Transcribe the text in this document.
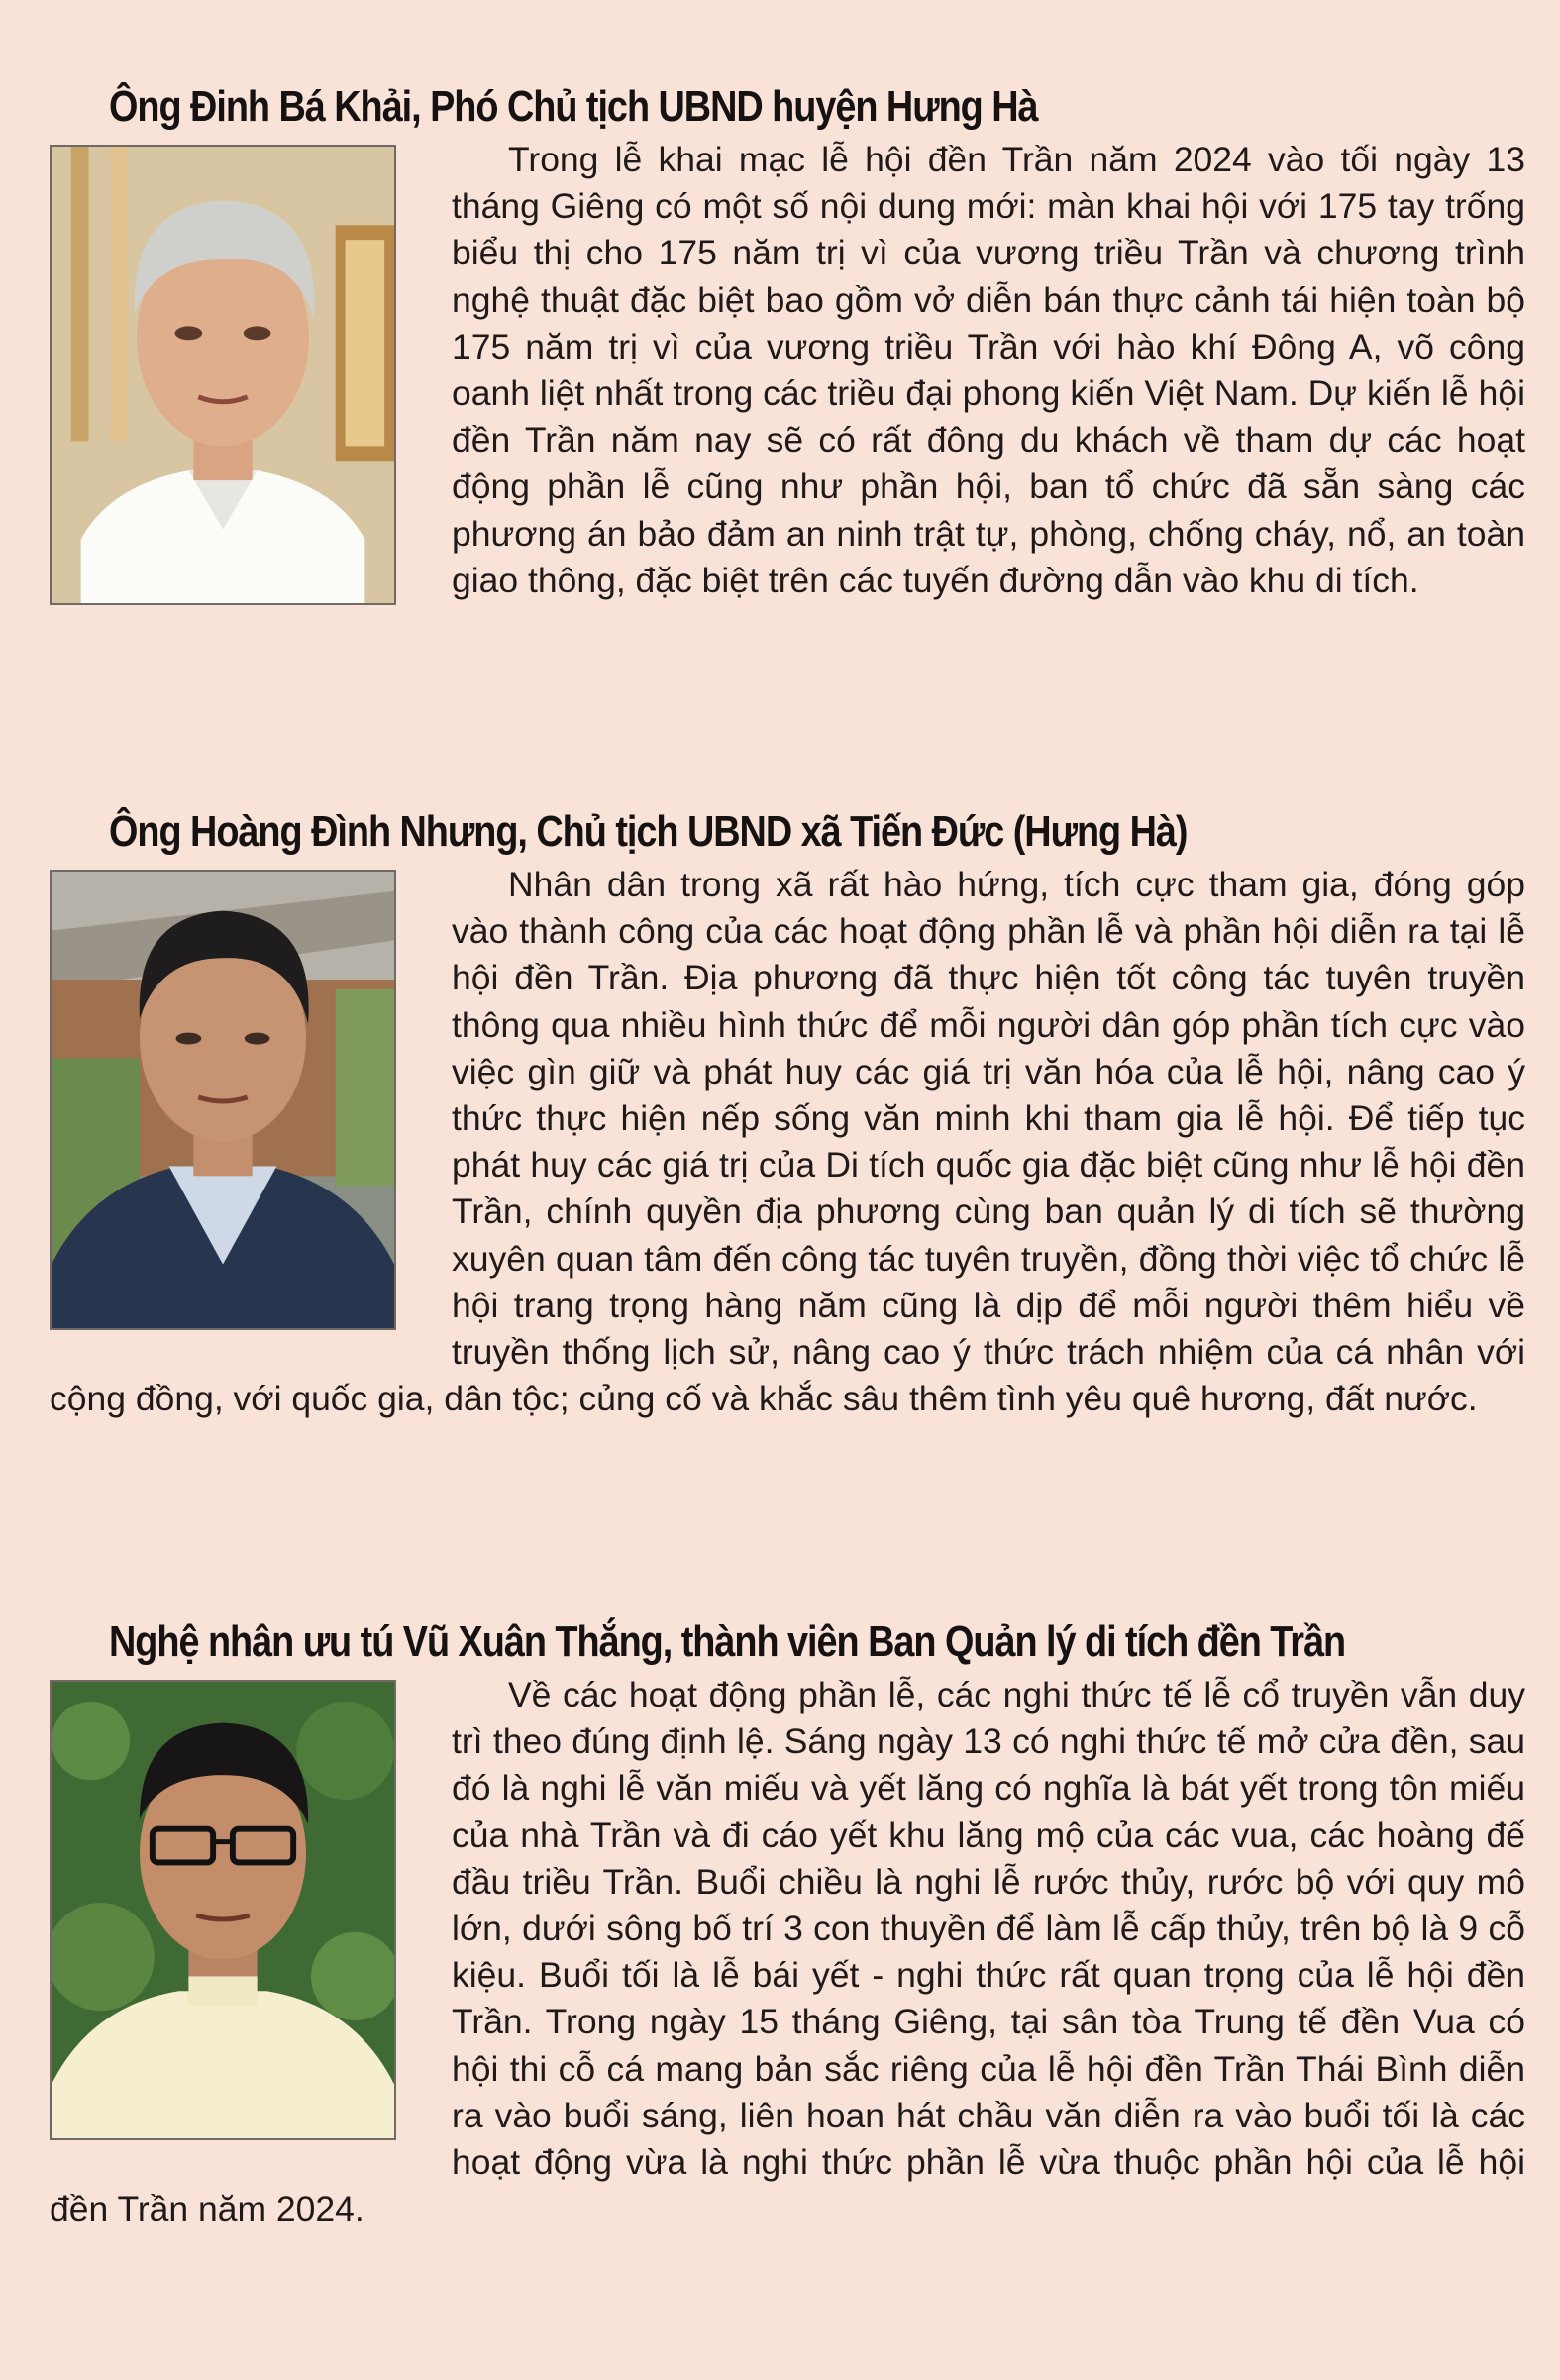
Ông Đinh Bá Khải, Phó Chủ tịch UBND huyện Hưng Hà

Trong lễ khai mạc lễ hội đền Trần năm 2024 vào tối ngày 13 tháng Giêng có một số nội dung mới: màn khai hội với 175 tay trống biểu thị cho 175 năm trị vì của vương triều Trần và chương trình nghệ thuật đặc biệt bao gồm vở diễn bán thực cảnh tái hiện toàn bộ 175 năm trị vì của vương triều Trần với hào khí Đông A, võ công oanh liệt nhất trong các triều đại phong kiến Việt Nam. Dự kiến lễ hội đền Trần năm nay sẽ có rất đông du khách về tham dự các hoạt động phần lễ cũng như phần hội, ban tổ chức đã sẵn sàng các phương án bảo đảm an ninh trật tự, phòng, chống cháy, nổ, an toàn giao thông, đặc biệt trên các tuyến đường dẫn vào khu di tích.

Ông Hoàng Đình Nhưng, Chủ tịch UBND xã Tiến Đức (Hưng Hà)

Nhân dân trong xã rất hào hứng, tích cực tham gia, đóng góp vào thành công của các hoạt động phần lễ và phần hội diễn ra tại lễ hội đền Trần. Địa phương đã thực hiện tốt công tác tuyên truyền thông qua nhiều hình thức để mỗi người dân góp phần tích cực vào việc gìn giữ và phát huy các giá trị văn hóa của lễ hội, nâng cao ý thức thực hiện nếp sống văn minh khi tham gia lễ hội. Để tiếp tục phát huy các giá trị của Di tích quốc gia đặc biệt cũng như lễ hội đền Trần, chính quyền địa phương cùng ban quản lý di tích sẽ thường xuyên quan tâm đến công tác tuyên truyền, đồng thời việc tổ chức lễ hội trang trọng hàng năm cũng là dịp để mỗi người thêm hiểu về truyền thống lịch sử, nâng cao ý thức trách nhiệm của cá nhân với cộng đồng, với quốc gia, dân tộc; củng cố và khắc sâu thêm tình yêu quê hương, đất nước.

Nghệ nhân ưu tú Vũ Xuân Thắng, thành viên Ban Quản lý di tích đền Trần

Về các hoạt động phần lễ, các nghi thức tế lễ cổ truyền vẫn duy trì theo đúng định lệ. Sáng ngày 13 có nghi thức tế mở cửa đền, sau đó là nghi lễ văn miếu và yết lăng có nghĩa là bát yết trong tôn miếu của nhà Trần và đi cáo yết khu lăng mộ của các vua, các hoàng đế đầu triều Trần. Buổi chiều là nghi lễ rước thủy, rước bộ với quy mô lớn, dưới sông bố trí 3 con thuyền để làm lễ cấp thủy, trên bộ là 9 cỗ kiệu. Buổi tối là lễ bái yết - nghi thức rất quan trọng của lễ hội đền Trần. Trong ngày 15 tháng Giêng, tại sân tòa Trung tế đền Vua có hội thi cỗ cá mang bản sắc riêng của lễ hội đền Trần Thái Bình diễn ra vào buổi sáng, liên hoan hát chầu văn diễn ra vào buổi tối là các hoạt động vừa là nghi thức phần lễ vừa thuộc phần hội của lễ hội đền Trần năm 2024.
